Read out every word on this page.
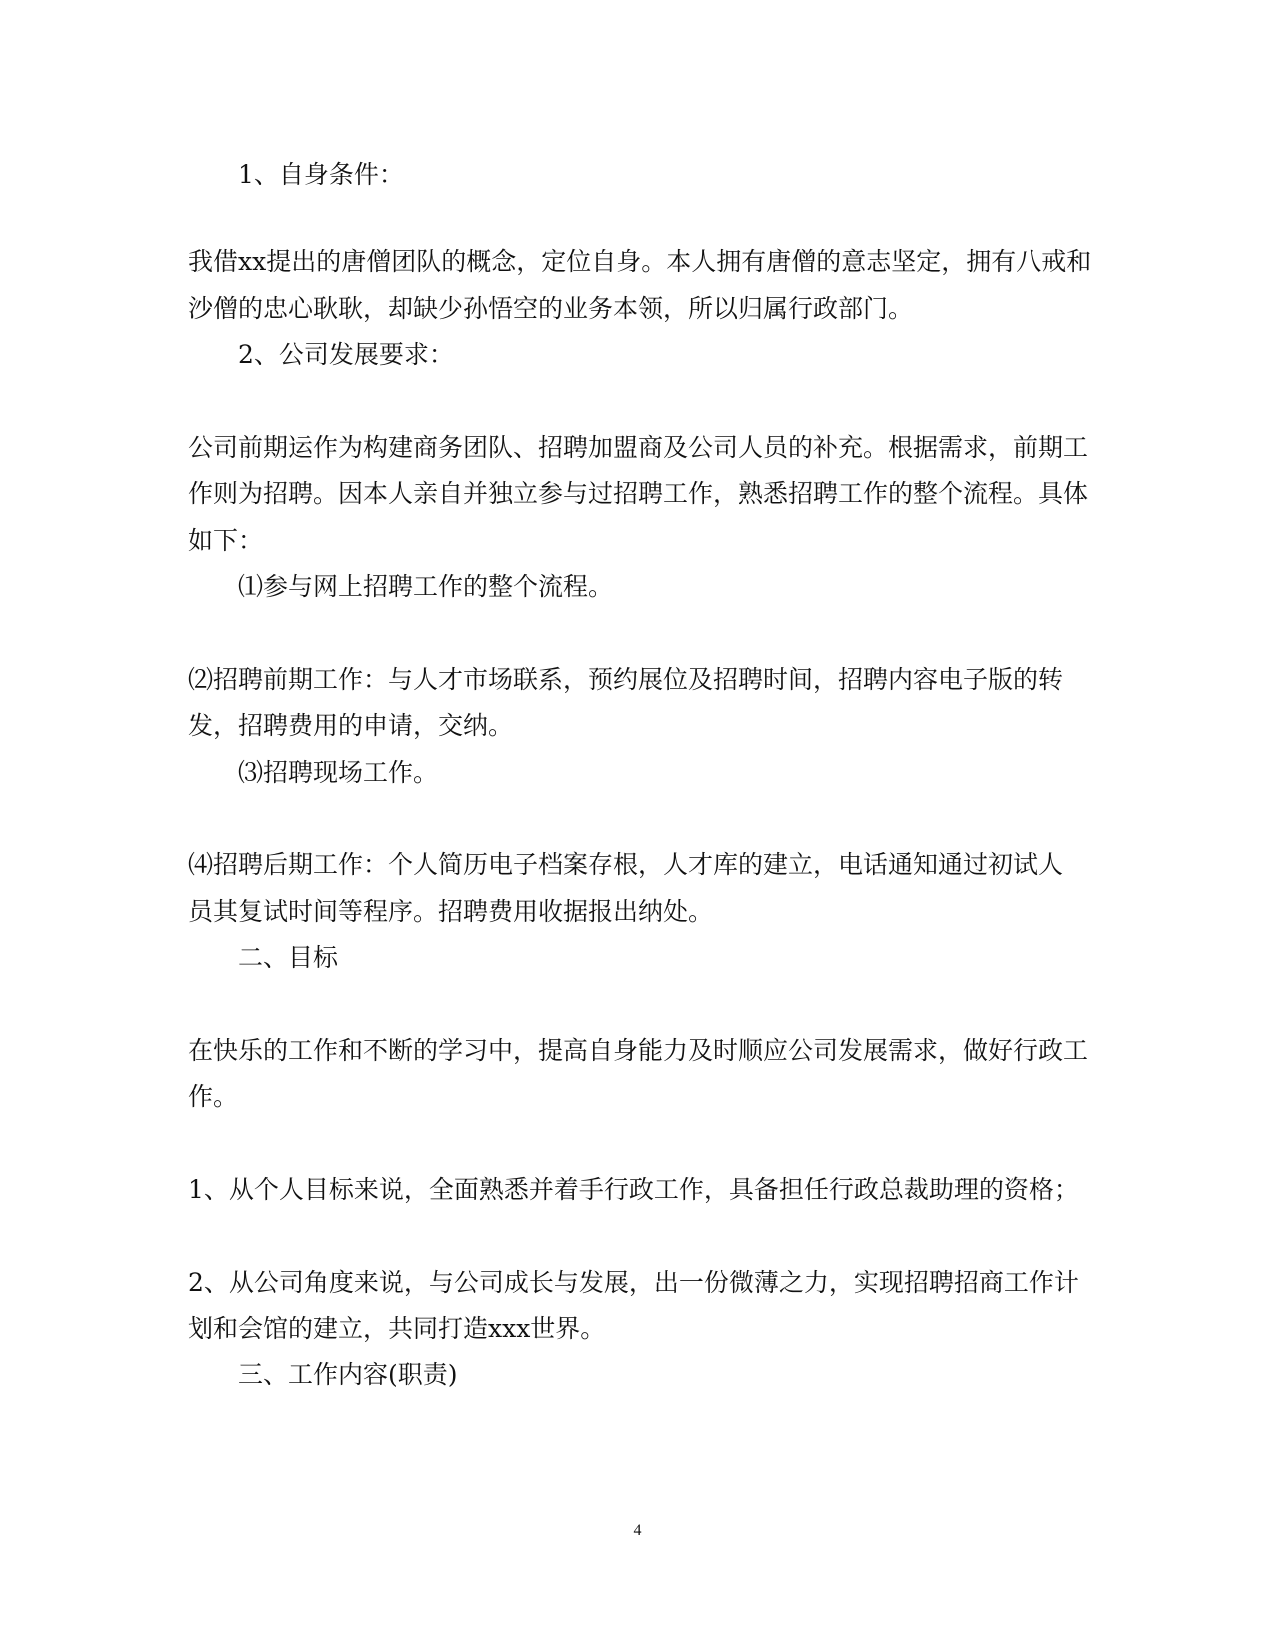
1、自身条件：
我借xx提出的唐僧团队的概念，定位自身。本人拥有唐僧的意志坚定，拥有八戒和
沙僧的忠心耿耿，却缺少孙悟空的业务本领，所以归属行政部门。
2、公司发展要求：
公司前期运作为构建商务团队、招聘加盟商及公司人员的补充。根据需求，前期工
作则为招聘。因本人亲自并独立参与过招聘工作，熟悉招聘工作的整个流程。具体
如下：
⑴参与网上招聘工作的整个流程。
⑵招聘前期工作：与人才市场联系，预约展位及招聘时间，招聘内容电子版的转
发，招聘费用的申请，交纳。
⑶招聘现场工作。
⑷招聘后期工作：个人简历电子档案存根，人才库的建立，电话通知通过初试人
员其复试时间等程序。招聘费用收据报出纳处。
二、目标
在快乐的工作和不断的学习中，提高自身能力及时顺应公司发展需求，做好行政工
作。
1、从个人目标来说，全面熟悉并着手行政工作，具备担任行政总裁助理的资格；
2、从公司角度来说，与公司成长与发展，出一份微薄之力，实现招聘招商工作计
划和会馆的建立，共同打造xxx世界。
三、工作内容(职责)
4
